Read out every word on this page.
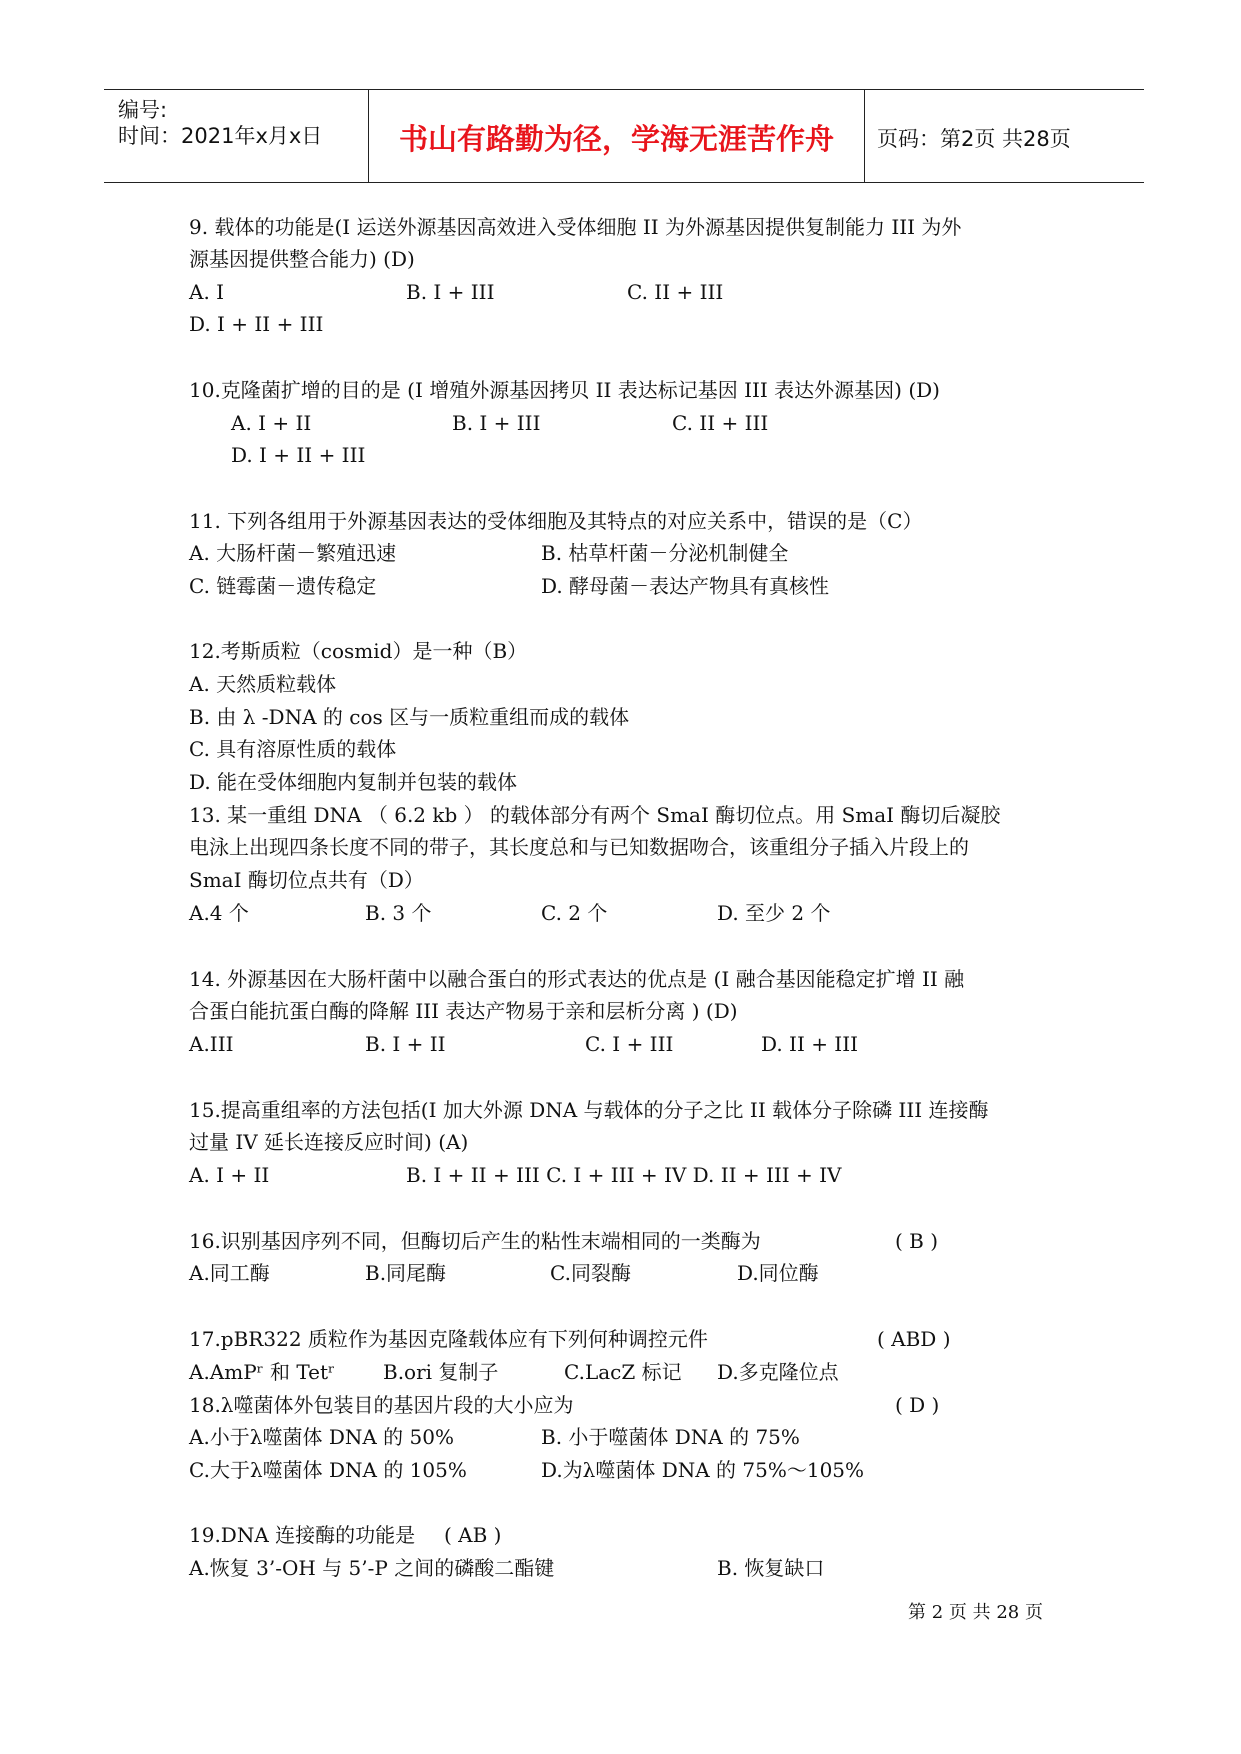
编号:
时间：2021年x月x日	书山有路勤为径，学海无涯苦作舟	页码：第2页 共28页
9. 载体的功能是(I 运送外源基因高效进入受体细胞 II 为外源基因提供复制能力 III 为外
源基因提供整合能力) (D)
A. I	B. I + III	C. II + III
D. I + II + III
10.克隆菌扩增的目的是 (I 增殖外源基因拷贝 II 表达标记基因 III 表达外源基因) (D)
A. I + II	B. I + III	C. II + III
D. I + II + III
11. 下列各组用于外源基因表达的受体细胞及其特点的对应关系中，错误的是（C）
A. 大肠杆菌－繁殖迅速	B. 枯草杆菌－分泌机制健全
C. 链霉菌－遗传稳定	D. 酵母菌－表达产物具有真核性
12.考斯质粒（cosmid）是一种（B）
A. 天然质粒载体
B. 由 λ -DNA 的 cos 区与一质粒重组而成的载体
C. 具有溶原性质的载体
D. 能在受体细胞内复制并包装的载体
13. 某一重组 DNA （ 6.2 kb ） 的载体部分有两个 SmaI 酶切位点。用 SmaI 酶切后凝胶
电泳上出现四条长度不同的带子，其长度总和与已知数据吻合，该重组分子插入片段上的
SmaI 酶切位点共有（D）
A.4 个	B. 3 个	C. 2 个	D. 至少 2 个
14. 外源基因在大肠杆菌中以融合蛋白的形式表达的优点是 (I 融合基因能稳定扩增 II 融
合蛋白能抗蛋白酶的降解 III 表达产物易于亲和层析分离 ) (D)
A.III	B. I + II	C. I + III	D. II + III
15.提高重组率的方法包括(I 加大外源 DNA 与载体的分子之比 II 载体分子除磷 III 连接酶
过量 IV 延长连接反应时间) (A)
A. I + II	B. I + II + III C. I + III + IV D. II + III + IV
16.识别基因序列不同，但酶切后产生的粘性末端相同的一类酶为	( B )
A.同工酶	B.同尾酶	C.同裂酶	D.同位酶
17.pBR322 质粒作为基因克隆载体应有下列何种调控元件	( ABD )
A.AmPʳ 和 Tetʳ B.ori 复制子	C.LacZ 标记 D.多克隆位点
18.λ噬菌体外包装目的基因片段的大小应为	( D )
A.小于λ噬菌体 DNA 的 50%	B. 小于噬菌体 DNA 的 75%
C.大于λ噬菌体 DNA 的 105%	D.为λ噬菌体 DNA 的 75%～105%
19.DNA 连接酶的功能是 ( AB )
A.恢复 3’-OH 与 5’-P 之间的磷酸二酯键	B. 恢复缺口
第 2 页 共 28 页
